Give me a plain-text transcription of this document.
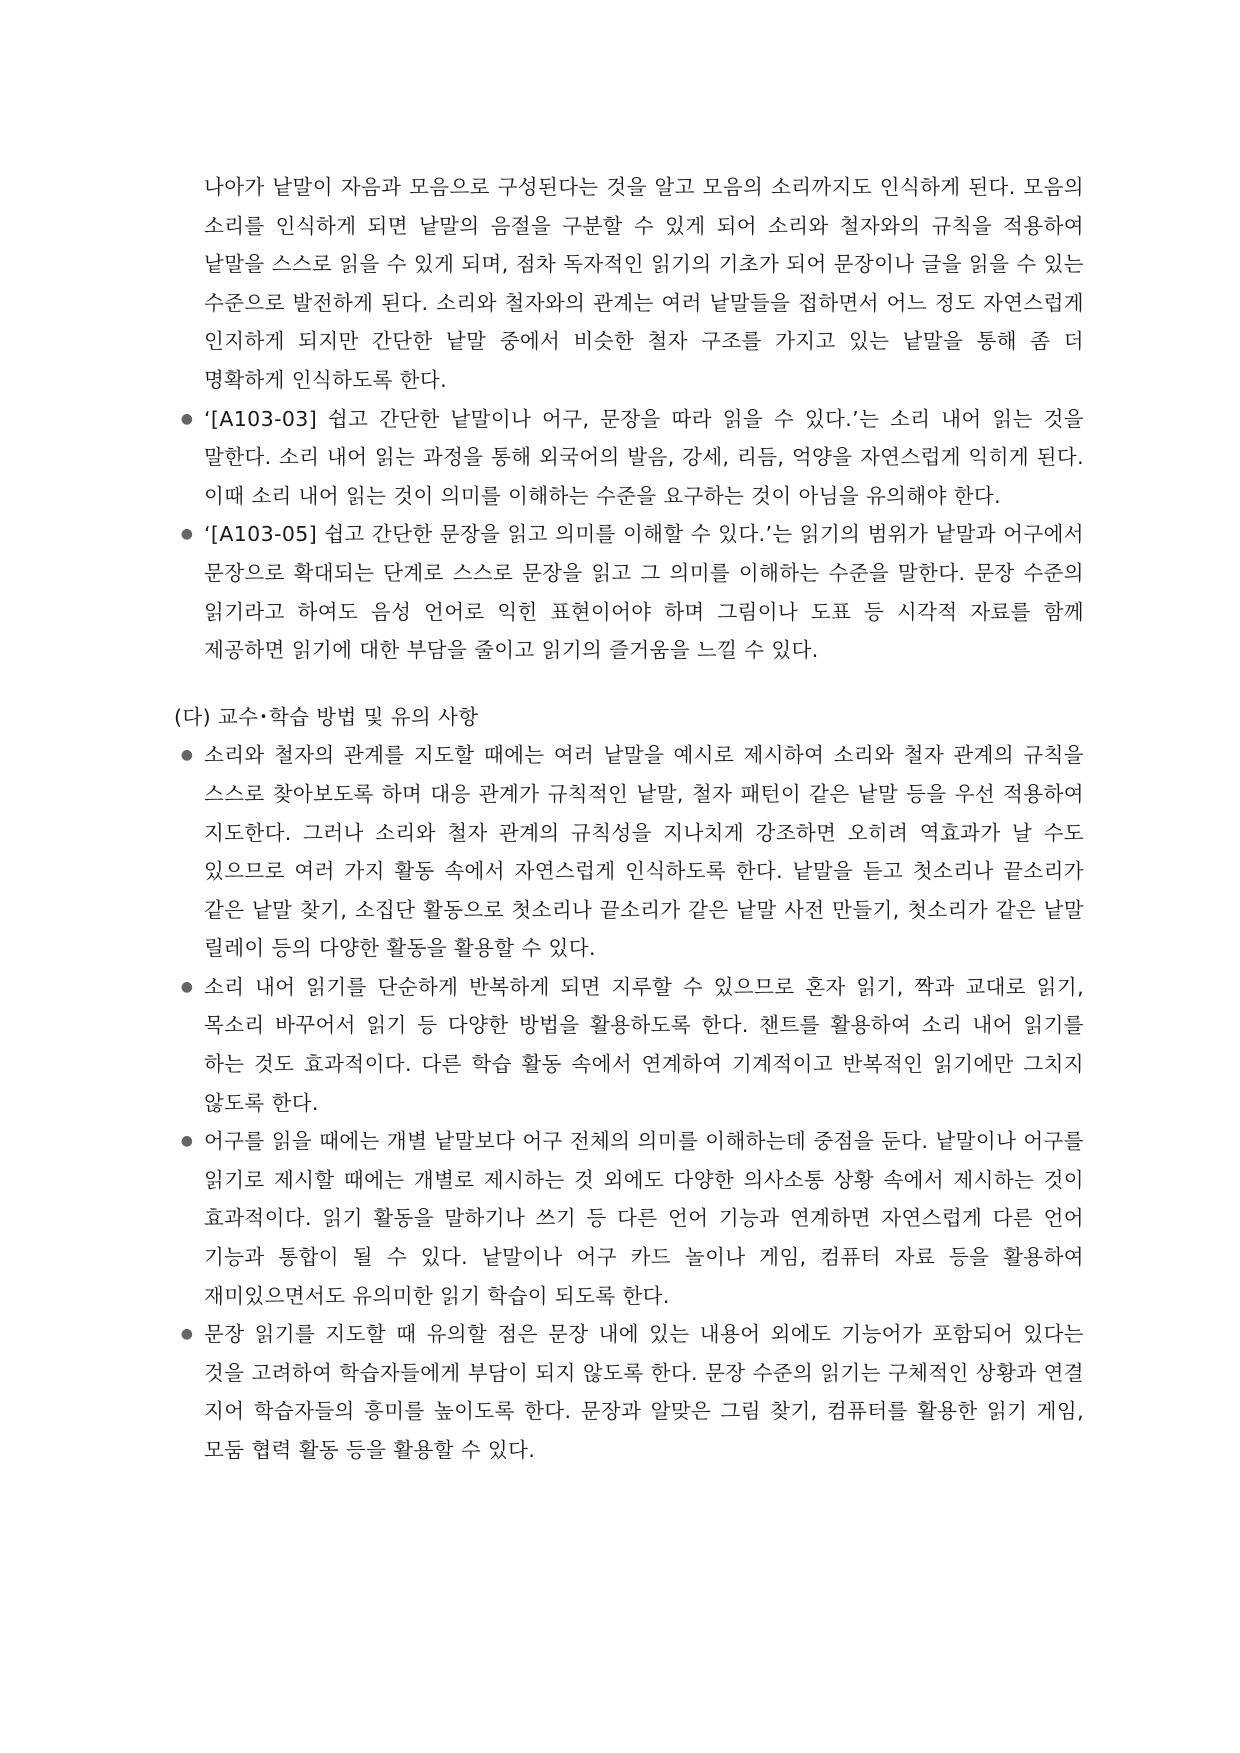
나아가 낱말이 자음과 모음으로 구성된다는 것을 알고 모음의 소리까지도 인식하게 된다. 모음의 소리를 인식하게 되면 낱말의 음절을 구분할 수 있게 되어 소리와 철자와의 규칙을 적용하여 낱말을 스스로 읽을 수 있게 되며, 점차 독자적인 읽기의 기초가 되어 문장이나 글을 읽을 수 있는 수준으로 발전하게 된다. 소리와 철자와의 관계는 여러 낱말들을 접하면서 어느 정도 자연스럽게 인지하게 되지만 간단한 낱말 중에서 비슷한 철자 구조를 가지고 있는 낱말을 통해 좀 더 명확하게 인식하도록 한다.

● ‘[A103-03] 쉽고 간단한 낱말이나 어구, 문장을 따라 읽을 수 있다.’는 소리 내어 읽는 것을 말한다. 소리 내어 읽는 과정을 통해 외국어의 발음, 강세, 리듬, 억양을 자연스럽게 익히게 된다. 이때 소리 내어 읽는 것이 의미를 이해하는 수준을 요구하는 것이 아님을 유의해야 한다.
● ‘[A103-05] 쉽고 간단한 문장을 읽고 의미를 이해할 수 있다.’는 읽기의 범위가 낱말과 어구에서 문장으로 확대되는 단계로 스스로 문장을 읽고 그 의미를 이해하는 수준을 말한다. 문장 수준의 읽기라고 하여도 음성 언어로 익힌 표현이어야 하며 그림이나 도표 등 시각적 자료를 함께 제공하면 읽기에 대한 부담을 줄이고 읽기의 즐거움을 느낄 수 있다.
(다) 교수･학습 방법 및 유의 사항
● 소리와 철자의 관계를 지도할 때에는 여러 낱말을 예시로 제시하여 소리와 철자 관계의 규칙을 스스로 찾아보도록 하며 대응 관계가 규칙적인 낱말, 철자 패턴이 같은 낱말 등을 우선 적용하여 지도한다. 그러나 소리와 철자 관계의 규칙성을 지나치게 강조하면 오히려 역효과가 날 수도 있으므로 여러 가지 활동 속에서 자연스럽게 인식하도록 한다. 낱말을 듣고 첫소리나 끝소리가 같은 낱말 찾기, 소집단 활동으로 첫소리나 끝소리가 같은 낱말 사전 만들기, 첫소리가 같은 낱말 릴레이 등의 다양한 활동을 활용할 수 있다.
● 소리 내어 읽기를 단순하게 반복하게 되면 지루할 수 있으므로 혼자 읽기, 짝과 교대로 읽기, 목소리 바꾸어서 읽기 등 다양한 방법을 활용하도록 한다. 챈트를 활용하여 소리 내어 읽기를 하는 것도 효과적이다. 다른 학습 활동 속에서 연계하여 기계적이고 반복적인 읽기에만 그치지 않도록 한다.
● 어구를 읽을 때에는 개별 낱말보다 어구 전체의 의미를 이해하는데 중점을 둔다. 낱말이나 어구를 읽기로 제시할 때에는 개별로 제시하는 것 외에도 다양한 의사소통 상황 속에서 제시하는 것이 효과적이다. 읽기 활동을 말하기나 쓰기 등 다른 언어 기능과 연계하면 자연스럽게 다른 언어 기능과 통합이 될 수 있다. 낱말이나 어구 카드 놀이나 게임, 컴퓨터 자료 등을 활용하여 재미있으면서도 유의미한 읽기 학습이 되도록 한다.
● 문장 읽기를 지도할 때 유의할 점은 문장 내에 있는 내용어 외에도 기능어가 포함되어 있다는 것을 고려하여 학습자들에게 부담이 되지 않도록 한다. 문장 수준의 읽기는 구체적인 상황과 연결 지어 학습자들의 흥미를 높이도록 한다. 문장과 알맞은 그림 찾기, 컴퓨터를 활용한 읽기 게임, 모둠 협력 활동 등을 활용할 수 있다.
